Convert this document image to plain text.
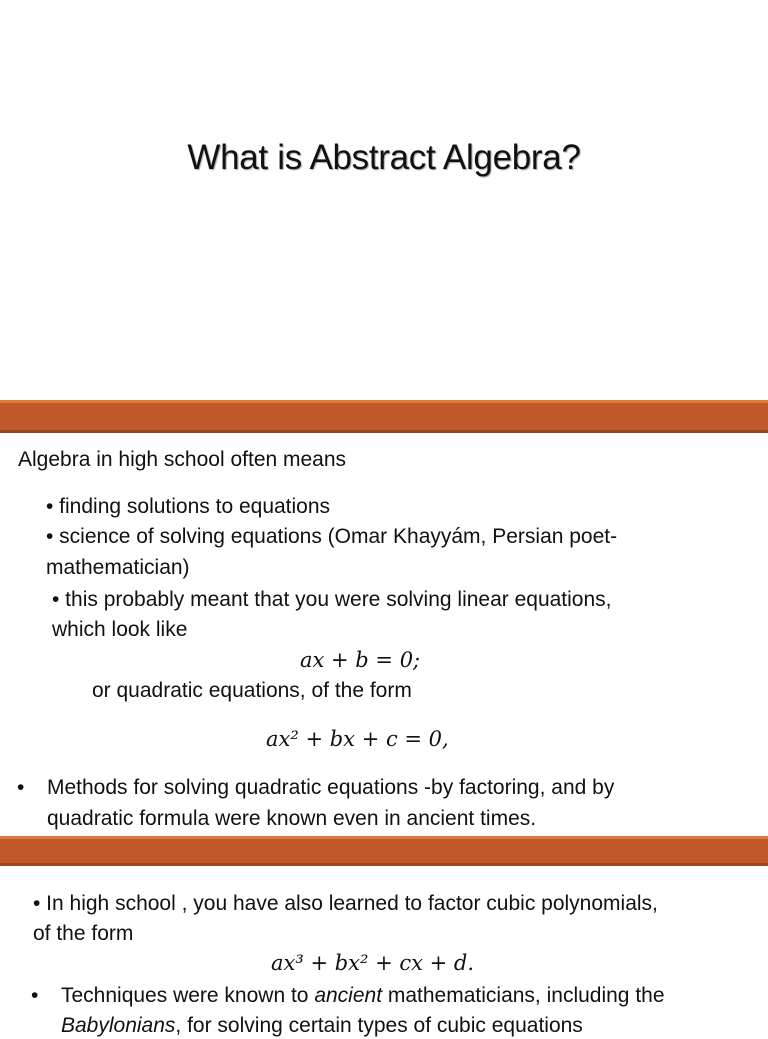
What is Abstract Algebra?
Algebra in high school often means
• finding solutions to equations
• science of solving equations (Omar Khayyám, Persian poet-
mathematician)
• this probably meant that you were solving linear equations,
which look like
ax + b = 0;
or quadratic equations, of the form
ax² + bx + c = 0,
• Methods for solving quadratic equations -by factoring, and by
quadratic formula were known even in ancient times.
• In high school , you have also learned to factor cubic polynomials,
of the form
ax³ + bx² + cx + d.
• Techniques were known to ancient mathematicians, including the
Babylonians, for solving certain types of cubic equations
